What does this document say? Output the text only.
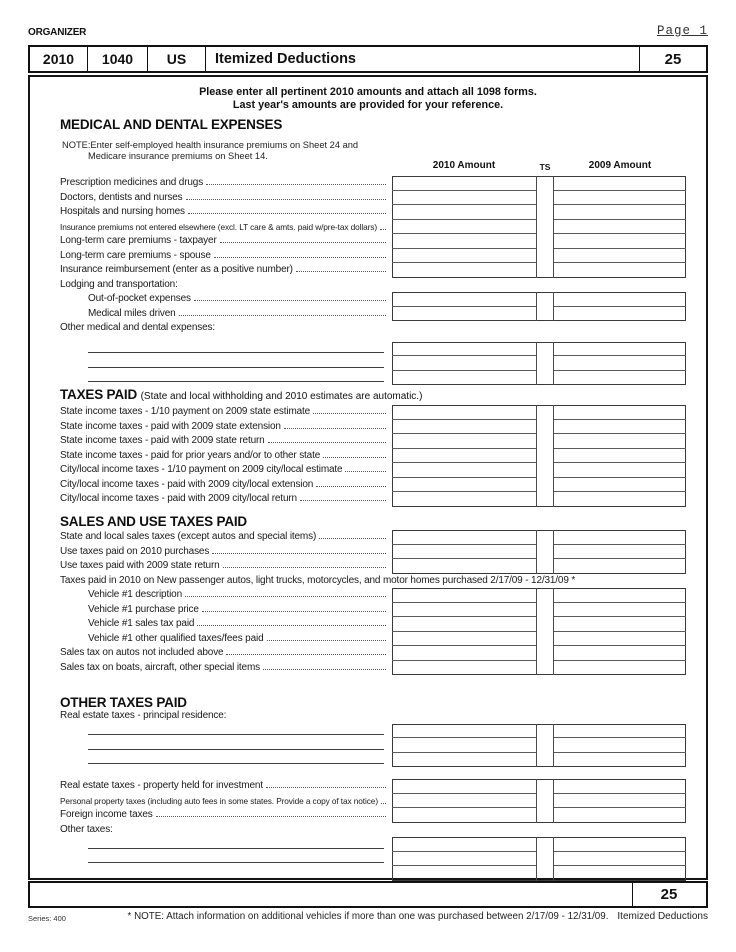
ORGANIZER	Page 1
2010	1040	US	Itemized Deductions	25
Please enter all pertinent 2010 amounts and attach all 1098 forms.
Last year's amounts are provided for your reference.
MEDICAL AND DENTAL EXPENSES
NOTE:Enter self-employed health insurance premiums on Sheet 24 and
Medicare insurance premiums on Sheet 14.
2010 Amount	TS	2009 Amount
Prescription medicines and drugs
Doctors, dentists and nurses
Hospitals and nursing homes
Insurance premiums not entered elsewhere (excl. LT care & amts. paid w/pre-tax dollars)
Long-term care premiums - taxpayer
Long-term care premiums - spouse
Insurance reimbursement (enter as a positive number)
Lodging and transportation:
Out-of-pocket expenses
Medical miles driven
Other medical and dental expenses:
TAXES PAID (State and local withholding and 2010 estimates are automatic.)
State income taxes - 1/10 payment on 2009 state estimate
State income taxes - paid with 2009 state extension
State income taxes - paid with 2009 state return
State income taxes - paid for prior years and/or to other state
City/local income taxes - 1/10 payment on 2009 city/local estimate
City/local income taxes - paid with 2009 city/local extension
City/local income taxes - paid with 2009 city/local return
SALES AND USE TAXES PAID
State and local sales taxes (except autos and special items)
Use taxes paid on 2010 purchases
Use taxes paid with 2009 state return
Taxes paid in 2010 on New passenger autos, light trucks, motorcycles, and motor homes purchased 2/17/09 - 12/31/09 *
Vehicle #1 description
Vehicle #1 purchase price
Vehicle #1 sales tax paid
Vehicle #1 other qualified taxes/fees paid
Sales tax on autos not included above
Sales tax on boats, aircraft, other special items
OTHER TAXES PAID
Real estate taxes - principal residence:
Real estate taxes - property held for investment
Personal property taxes (including auto fees in some states. Provide a copy of tax notice)
Foreign income taxes
Other taxes:
25
Series: 400	* NOTE: Attach information on additional vehicles if more than one was purchased between 2/17/09 - 12/31/09. Itemized Deductions
